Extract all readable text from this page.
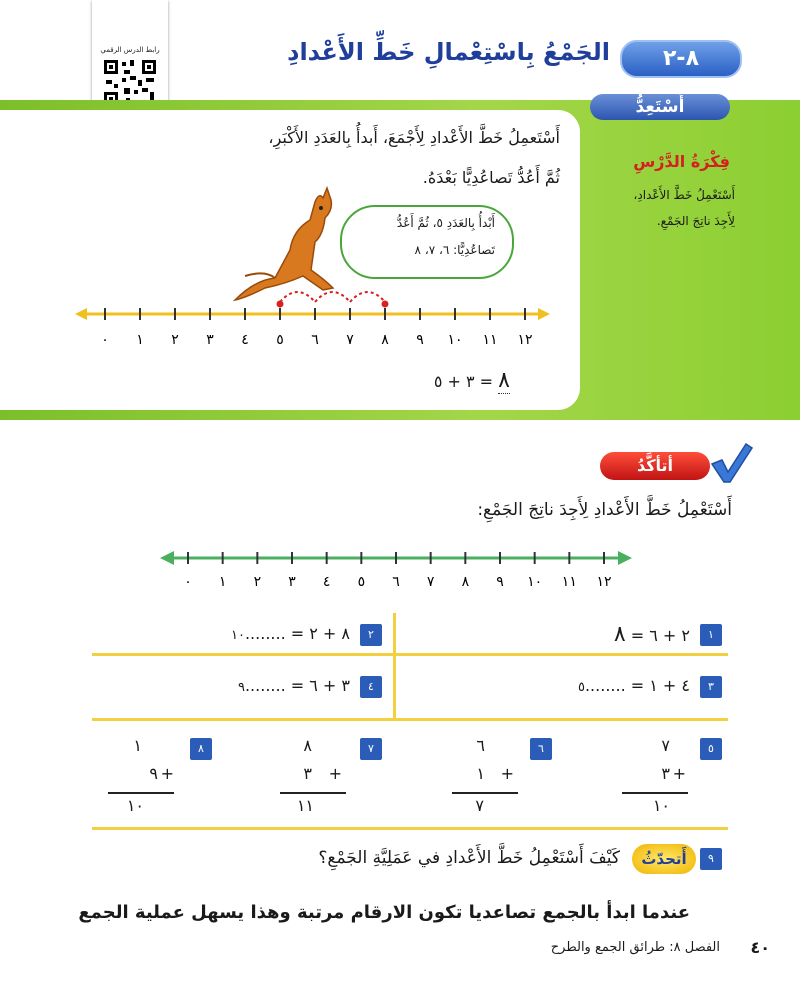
رابط الدرس الرقمي	الجَمْعُ بِاسْتِعْمالِ خَطِّ الأَعْدادِ	٨-٢
أَسْتَعِدُّ
فِكْرَةُ الدَّرْسِ
أَسْتَعْمِلُ خَطَّ الأَعْدادِ،
لِأَجِدَ ناتِجَ الجَمْعِ.
أَسْتَعمِلُ خَطَّ الأَعْدادِ لِأَجْمَعَ، أَبدأُ بِالعَدَدِ الأَكْبَرِ،
ثُمَّ أَعُدُّ تَصاعُدِيًّا بَعْدَهُ.
أَبْدأُ بِالعَدَدِ ٥، ثُمَّ أَعُدُّ
تَصاعُدِيًّا: ٦، ٧، ٨
٠ ١ ٢ ٣ ٤ ٥ ٦ ٧ ٨ ٩ ١٠ ١١ ١٢
٨ = ٣ + ٥
أتأكَّدُ
أَسْتَعْمِلُ خَطَّ الأَعْدادِ لِأَجِدَ ناتِجَ الجَمْعِ:
٠ ١ ٢ ٣ ٤ ٥ ٦ ٧ ٨ ٩ ١٠ ١١ ١٢
١
٢ + ٦ = ٨
٢
٨ + ٢ = ........١٠
٣
٤ + ١ = ........٥
٤
٣ + ٦ = ........٩
٥
٧
٣ +
١٠
٦
٦
١ +
٧
٧
٨
٣ +
١١
٨
١
٩ +
١٠
٩
أَتحدّثُ
كَيْفَ أَسْتَعْمِلُ خَطَّ الأَعْدادِ في عَمَلِيَّةِ الجَمْعِ؟
عندما ابدأ بالجمع تصاعديا تكون الارقام مرتبة وهذا يسهل عملية الجمع
٤٠
الفصل ٨: طرائق الجمع والطرح
